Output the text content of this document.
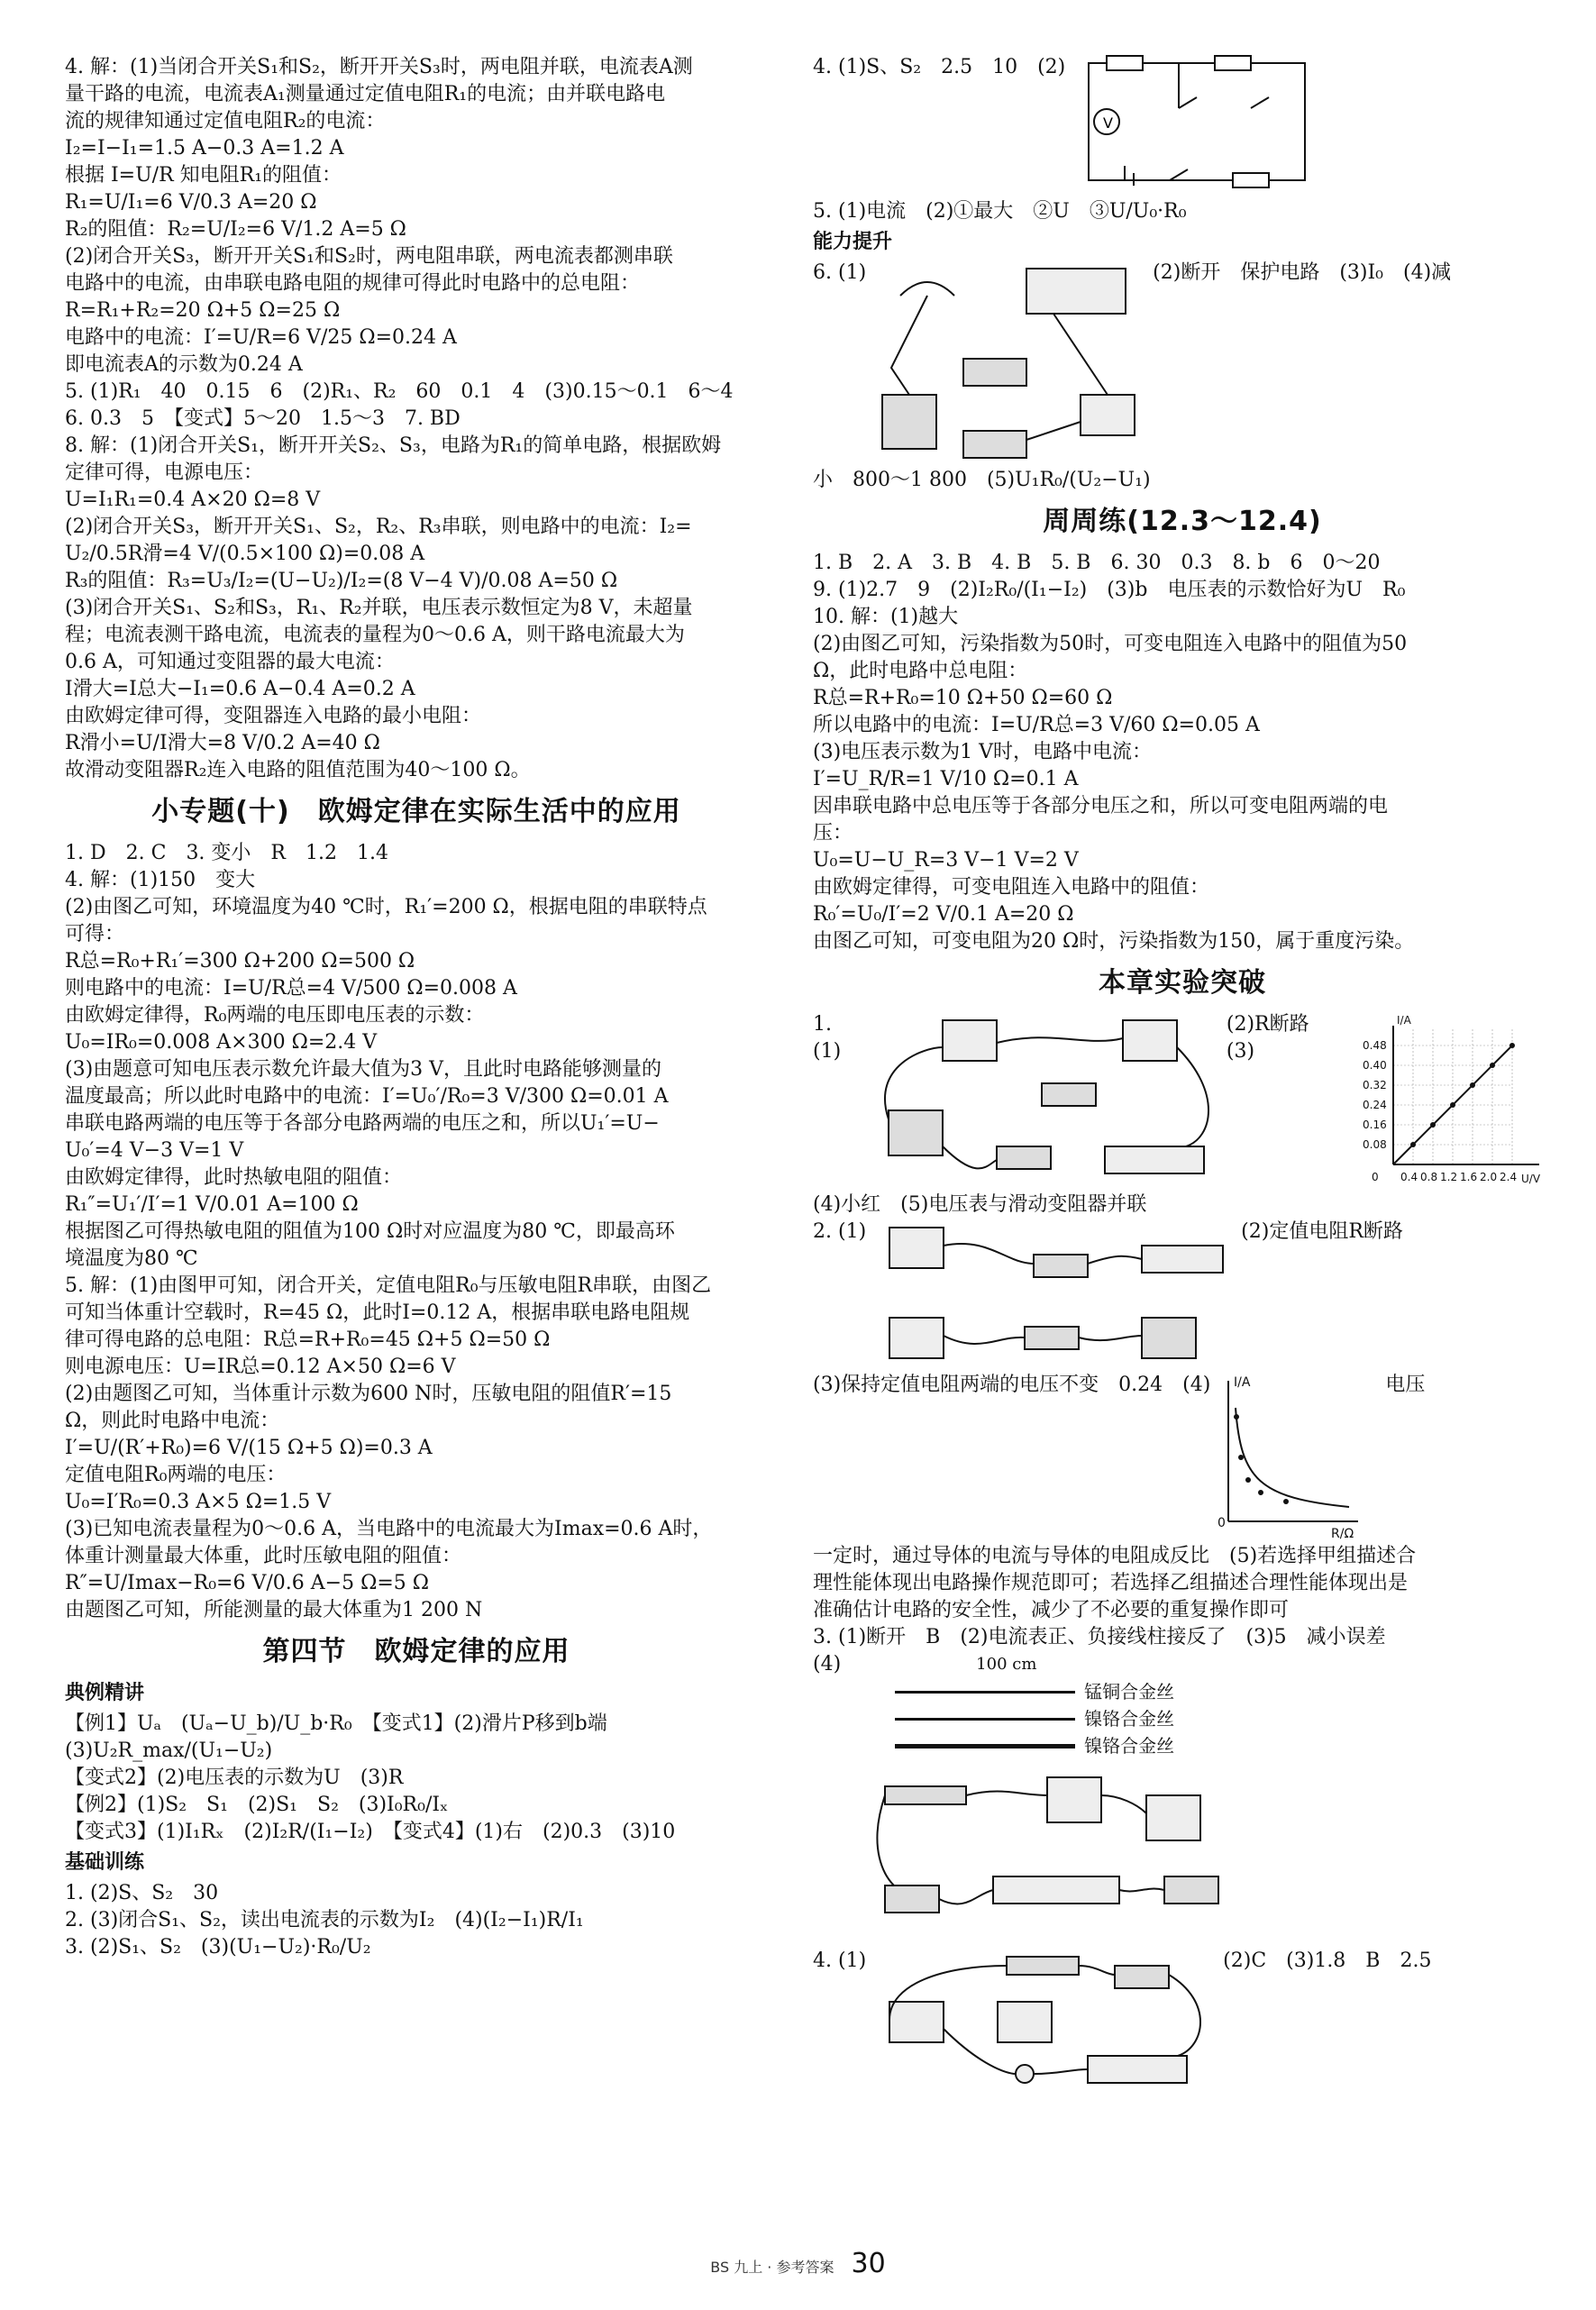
4. 解：(1)当闭合开关S₁和S₂，断开开关S₃时，两电阻并联，电流表A测
量干路的电流，电流表A₁测量通过定值电阻R₁的电流；由并联电路电
流的规律知通过定值电阻R₂的电流：
I₂=I−I₁=1.5 A−0.3 A=1.2 A
根据 I=U/R 知电阻R₁的阻值：
R₁=U/I₁=6 V/0.3 A=20 Ω
R₂的阻值：R₂=U/I₂=6 V/1.2 A=5 Ω
(2)闭合开关S₃，断开开关S₁和S₂时，两电阻串联，两电流表都测串联
电路中的电流，由串联电路电阻的规律可得此时电路中的总电阻：
R=R₁+R₂=20 Ω+5 Ω=25 Ω
电路中的电流：I′=U/R=6 V/25 Ω=0.24 A
即电流表A的示数为0.24 A
5. (1)R₁　40　0.15　6　(2)R₁、R₂　60　0.1　4　(3)0.15～0.1　6～4
6. 0.3　5　【变式】5～20　1.5～3　7. BD
8. 解：(1)闭合开关S₁，断开开关S₂、S₃，电路为R₁的简单电路，根据欧姆
定律可得，电源电压：
U=I₁R₁=0.4 A×20 Ω=8 V
(2)闭合开关S₃，断开开关S₁、S₂，R₂、R₃串联，则电路中的电流：I₂=
U₂/0.5R滑=4 V/(0.5×100 Ω)=0.08 A
R₃的阻值：R₃=U₃/I₂=(U−U₂)/I₂=(8 V−4 V)/0.08 A=50 Ω
(3)闭合开关S₁、S₂和S₃，R₁、R₂并联，电压表示数恒定为8 V，未超量
程；电流表测干路电流，电流表的量程为0～0.6 A，则干路电流最大为
0.6 A，可知通过变阻器的最大电流：
I滑大=I总大−I₁=0.6 A−0.4 A=0.2 A
由欧姆定律可得，变阻器连入电路的最小电阻：
R滑小=U/I滑大=8 V/0.2 A=40 Ω
故滑动变阻器R₂连入电路的阻值范围为40～100 Ω。
小专题(十)　欧姆定律在实际生活中的应用
1. D　2. C　3. 变小　R　1.2　1.4
4. 解：(1)150　变大
(2)由图乙可知，环境温度为40 ℃时，R₁′=200 Ω，根据电阻的串联特点
可得：
R总=R₀+R₁′=300 Ω+200 Ω=500 Ω
则电路中的电流：I=U/R总=4 V/500 Ω=0.008 A
由欧姆定律得，R₀两端的电压即电压表的示数：
U₀=IR₀=0.008 A×300 Ω=2.4 V
(3)由题意可知电压表示数允许最大值为3 V，且此时电路能够测量的
温度最高；所以此时电路中的电流：I′=U₀′/R₀=3 V/300 Ω=0.01 A
串联电路两端的电压等于各部分电路两端的电压之和，所以U₁′=U−
U₀′=4 V−3 V=1 V
由欧姆定律得，此时热敏电阻的阻值：
R₁″=U₁′/I′=1 V/0.01 A=100 Ω
根据图乙可得热敏电阻的阻值为100 Ω时对应温度为80 ℃，即最高环
境温度为80 ℃
5. 解：(1)由图甲可知，闭合开关，定值电阻R₀与压敏电阻R串联，由图乙
可知当体重计空载时，R=45 Ω，此时I=0.12 A，根据串联电路电阻规
律可得电路的总电阻：R总=R+R₀=45 Ω+5 Ω=50 Ω
则电源电压：U=IR总=0.12 A×50 Ω=6 V
(2)由题图乙可知，当体重计示数为600 N时，压敏电阻的阻值R′=15
Ω，则此时电路中电流：
I′=U/(R′+R₀)=6 V/(15 Ω+5 Ω)=0.3 A
定值电阻R₀两端的电压：
U₀=I′R₀=0.3 A×5 Ω=1.5 V
(3)已知电流表量程为0～0.6 A，当电路中的电流最大为Imax=0.6 A时，
体重计测量最大体重，此时压敏电阻的阻值：
R″=U/Imax−R₀=6 V/0.6 A−5 Ω=5 Ω
由题图乙可知，所能测量的最大体重为1 200 N
第四节　欧姆定律的应用
典例精讲
【例1】Uₐ　(Uₐ−U_b)/U_b·R₀　【变式1】(2)滑片P移到b端　(3)U₂R_max/(U₁−U₂)
【变式2】(2)电压表的示数为U　(3)R
【例2】(1)S₂　S₁　(2)S₁　S₂　(3)I₀R₀/Iₓ
【变式3】(1)I₁Rₓ　(2)I₂R/(I₁−I₂)　【变式4】(1)右　(2)0.3　(3)10
基础训练
1. (2)S、S₂　30
2. (3)闭合S₁、S₂，读出电流表的示数为I₂　(4)(I₂−I₁)R/I₁
3. (2)S₁、S₂　(3)(U₁−U₂)·R₀/U₂
4. (1)S、S₂　2.5　10　(2)
V
5. (1)电流　(2)①最大　②U　③U/U₀·R₀
能力提升
6. (1)	(2)断开　保护电路　(3)I₀　(4)减
小　800～1 800　(5)U₁R₀/(U₂−U₁)
周周练(12.3～12.4)
1. B　2. A　3. B　4. B　5. B　6. 30　0.3　8. b　6　0～20
9. (1)2.7　9　(2)I₂R₀/(I₁−I₂)　(3)b　电压表的示数恰好为U　R₀
10. 解：(1)越大
(2)由图乙可知，污染指数为50时，可变电阻连入电路中的阻值为50
Ω，此时电路中总电阻：
R总=R+R₀=10 Ω+50 Ω=60 Ω
所以电路中的电流：I=U/R总=3 V/60 Ω=0.05 A
(3)电压表示数为1 V时，电路中电流：
I′=U_R/R=1 V/10 Ω=0.1 A
因串联电路中总电压等于各部分电压之和，所以可变电阻两端的电
压：
U₀=U−U_R=3 V−1 V=2 V
由欧姆定律得，可变电阻连入电路中的阻值：
R₀′=U₀/I′=2 V/0.1 A=20 Ω
由图乙可知，可变电阻为20 Ω时，污染指数为150，属于重度污染。
本章实验突破
1. (1)
(2)R断路　(3)
I/A
U/V
0
0.48
0.40
0.32
0.24
0.16
0.08
0.4 0.8 1.2 1.6 2.0 2.4
(4)小红　(5)电压表与滑动变阻器并联
2. (1)	(2)定值电阻R断路
(3)保持定值电阻两端的电压不变　0.24　(4) I/A
R/Ω
0
电压
一定时，通过导体的电流与导体的电阻成反比　(5)若选择甲组描述合
理性能体现出电路操作规范即可；若选择乙组描述合理性能体现出是
准确估计电路的安全性，减少了不必要的重复操作即可
3. (1)断开　B　(2)电流表正、负接线柱接反了　(3)5　减小误差
(4)	100 cm
锰铜合金丝
镍铬合金丝
镍铬合金丝
4. (1)	(2)C　(3)1.8　B　2.5
BS 九上 · 参考答案 30
